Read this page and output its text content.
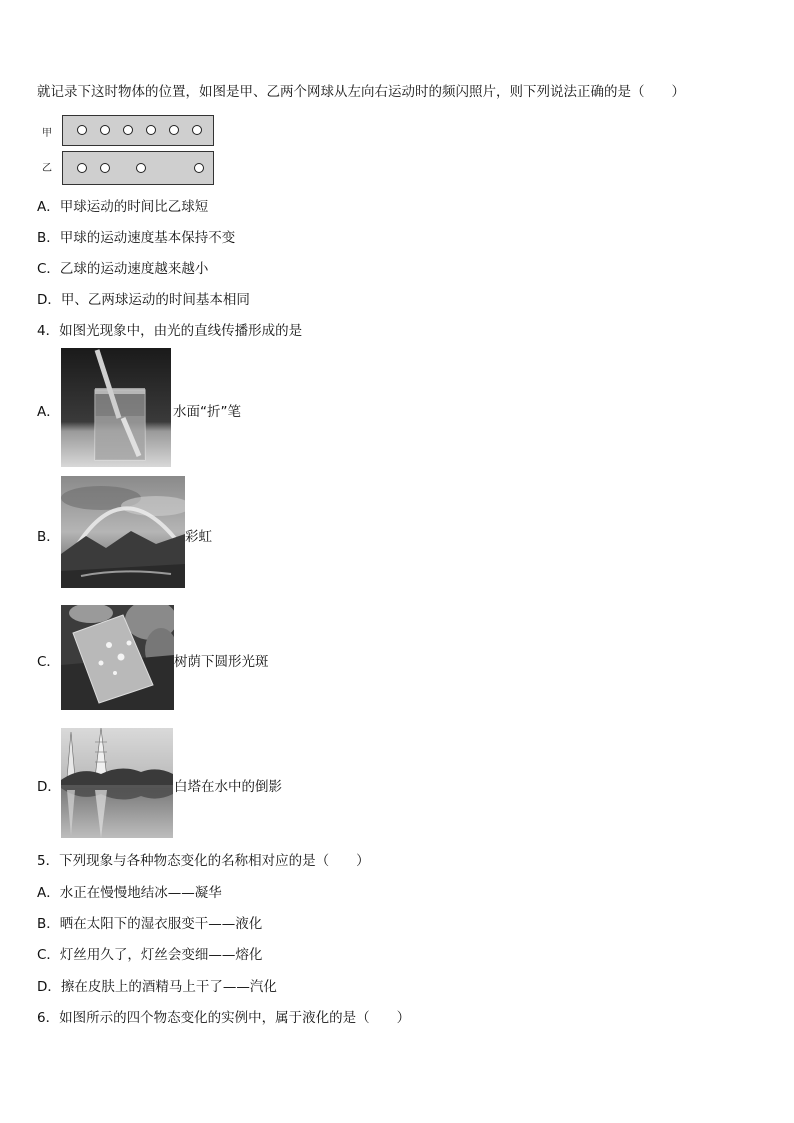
就记录下这时物体的位置，如图是甲、乙两个网球从左向右运动时的频闪照片，则下列说法正确的是（　　）
甲
乙
A．甲球运动的时间比乙球短
B．甲球的运动速度基本保持不变
C．乙球的运动速度越来越小
D．甲、乙两球运动的时间基本相同
4．如图光现象中，由光的直线传播形成的是
A．	水面“折”笔
B．	彩虹
C．	树荫下圆形光斑
D．	白塔在水中的倒影
5．下列现象与各种物态变化的名称相对应的是（　　）
A．水正在慢慢地结冰——凝华
B．晒在太阳下的湿衣服变干——液化
C．灯丝用久了，灯丝会变细——熔化
D．擦在皮肤上的酒精马上干了——汽化
6．如图所示的四个物态变化的实例中，属于液化的是（　　）
